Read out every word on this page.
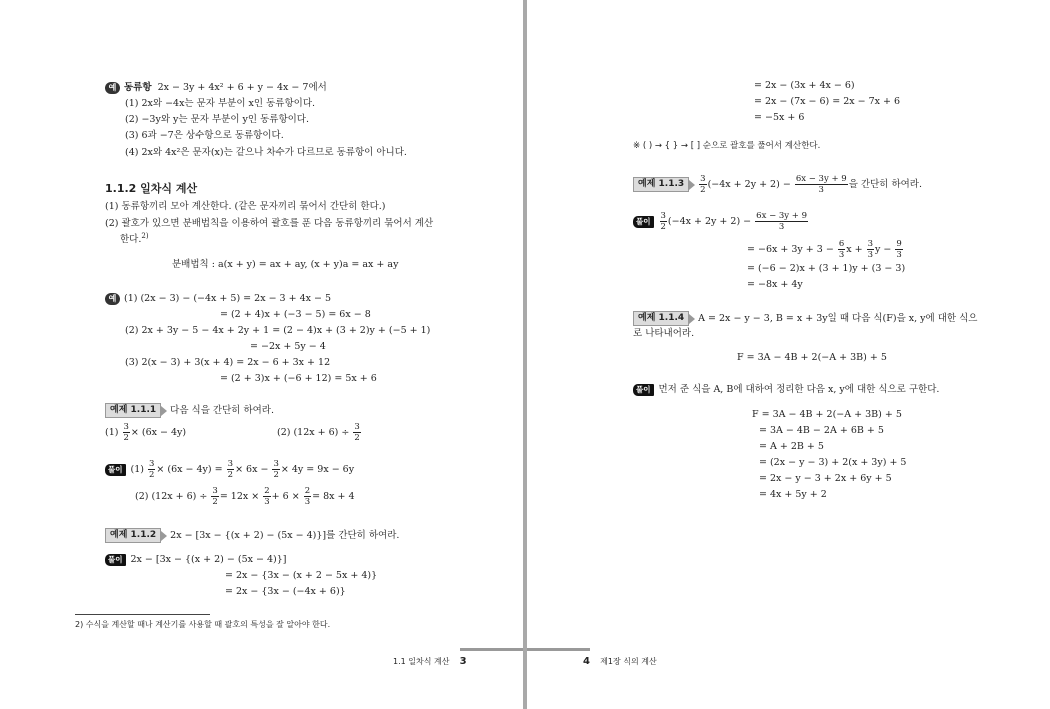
예 동류항 2x − 3y + 4x² + 6 + y − 4x − 7에서
(1) 2x와 −4x는 문자 부분이 x인 동류항이다.
(2) −3y와 y는 문자 부분이 y인 동류항이다.
(3) 6과 −7은 상수항으로 동류항이다.
(4) 2x와 4x²은 문자(x)는 같으나 차수가 다르므로 동류항이 아니다.
1.1.2 일차식 계산
(1) 동류항끼리 모아 계산한다. (같은 문자끼리 묶어서 간단히 한다.)
(2) 괄호가 있으면 분배법칙을 이용하여 괄호를 푼 다음 동류항끼리 묶어서 계산
한다.$^{2)}$
분배법칙 : a(x + y) = ax + ay, (x + y)a = ax + ay
예 (1) (2x − 3) − (−4x + 5) = 2x − 3 + 4x − 5
= (2 + 4)x + (−3 − 5) = 6x − 8
(2) 2x + 3y − 5 − 4x + 2y + 1 = (2 − 4)x + (3 + 2)y + (−5 + 1)
= −2x + 5y − 4
(3) 2(x − 3) + 3(x + 4) = 2x − 6 + 3x + 12
= (2 + 3)x + (−6 + 12) = 5x + 6
예제 1.1.1 다음 식을 간단히 하여라.
$(1) \frac{3}{2} \times (6x - 4y)$	(2) $(12x + 6) \div \frac{3}{2}$
풀이 $(1) \frac{3}{2} \times (6x - 4y) = \frac{3}{2} \times 6x - \frac{3}{2} \times 4y = 9x - 6y$
(2) $(12x + 6) \div \frac{3}{2} = 12x \times \frac{2}{3} + 6 \times \frac{2}{3} = 8x + 4$
예제 1.1.2 2x − [3x − {(x + 2) − (5x − 4)}]를 간단히 하여라.
풀이 2x − [3x − {(x + 2) − (5x − 4)}]
= 2x − {3x − (x + 2 − 5x + 4)}
= 2x − {3x − (−4x + 6)}
2) 수식을 계산할 때나 계산기를 사용할 때 괄호의 특성을 잘 알아야 한다.
1.1 일차식 계산 3
= 2x − (3x + 4x − 6)
= 2x − (7x − 6) = 2x − 7x + 6
= −5x + 6
※ ( ) → { } → [ ] 순으로 괄호를 풀어서 계산한다.
예제 $1.1.3 \frac{3}{2} (-4x + 2y + 2) - \frac{6x - 3y + 9}{3}$ 을 간단히 하여라.
풀이 $\frac{3}{2} (-4x + 2y + 2) - \frac{6x - 3y + 9}{3}$
= $-6x + 3y + 3 - \frac{6}{3}$ $x + \frac{3}{3}$ $y - \frac{9}{3}$
= (−6 − 2)x + (3 + 1)y + (3 − 3)
= −8x + 4y
예제 1.1.4 A = 2x − y − 3, B = x + 3y일 때 다음 식(F)을 x, y에 대한 식으
로 나타내어라.
F = 3A − 4B + 2(−A + 3B) + 5
풀이 먼저 준 식을 A, B에 대하여 정리한 다음 x, y에 대한 식으로 구한다.
F = 3A − 4B + 2(−A + 3B) + 5
= 3A − 4B − 2A + 6B + 5
= A + 2B + 5
= (2x − y − 3) + 2(x + 3y) + 5
= 2x − y − 3 + 2x + 6y + 5
= 4x + 5y + 2
4 제1장 식의 계산
